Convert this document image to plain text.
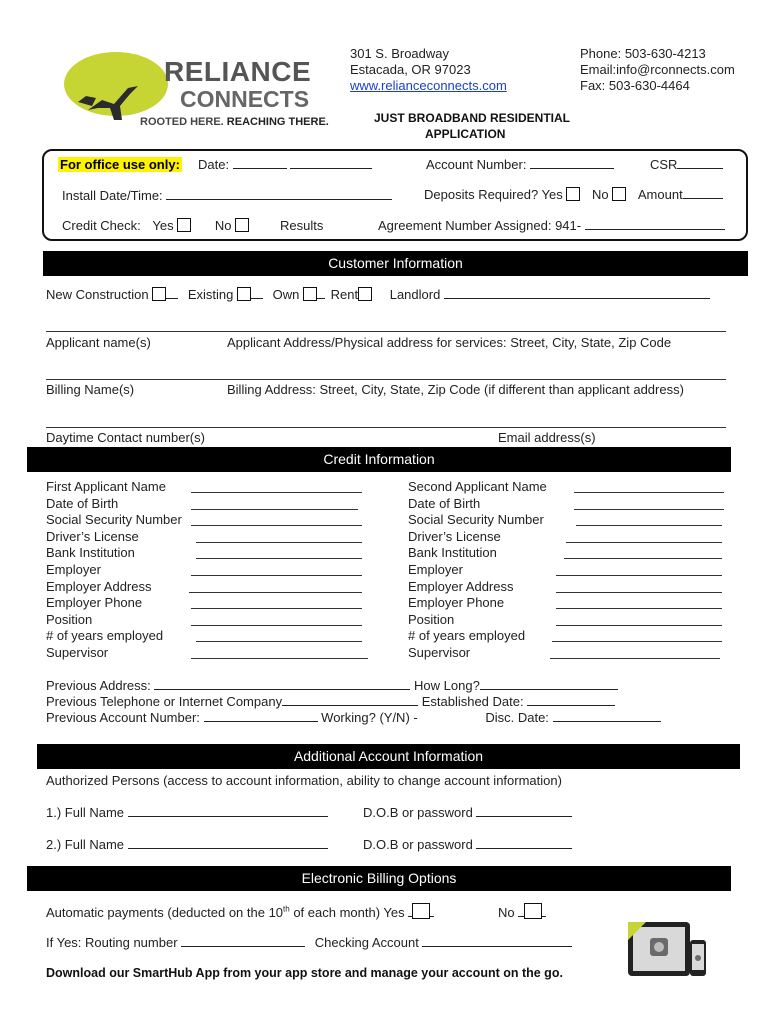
RELIANCE
CONNECTS
ROOTED HERE. REACHING THERE.
301 S. Broadway
Estacada, OR 97023
www.relianceconnects.com
Phone: 503-630-4213
Email:info@rconnects.com
Fax: 503-630-4464
JUST BROADBAND RESIDENTIAL
APPLICATION
For office use only: Date:	Account Number:	CSR
Install Date/Time:	Deposits Required? Yes No Amount
Credit Check: Yes	No	Results	Agreement Number Assigned: 941-
Customer Information
New Construction	Existing	Own Rent Landlord
Applicant name(s)	Applicant Address/Physical address for services: Street, City, State, Zip Code
Billing Name(s)	Billing Address: Street, City, State, Zip Code (if different than applicant address)
Daytime Contact number(s)	Email address(s)
Credit Information
First Applicant Name	Second Applicant Name
Date of Birth	Date of Birth
Social Security Number	Social Security Number
Driver’s License	Driver’s License
Bank Institution	Bank Institution
Employer	Employer
Employer Address	Employer Address
Employer Phone	Employer Phone
Position	Position
# of years employed	# of years employed
Supervisor	Supervisor
Previous Address:	How Long?
Previous Telephone or Internet Company	Established Date:
Previous Account Number:	Working? (Y/N) -	Disc. Date:
Additional Account Information
Authorized Persons (access to account information, ability to change account information)
1.) Full Name	D.O.B or password
2.) Full Name	D.O.B or password
Electronic Billing Options
Automatic payments (deducted on the 10th of each month) Yes	No
If Yes: Routing number	Checking Account
Download our SmartHub App from your app store and manage your account on the go.
